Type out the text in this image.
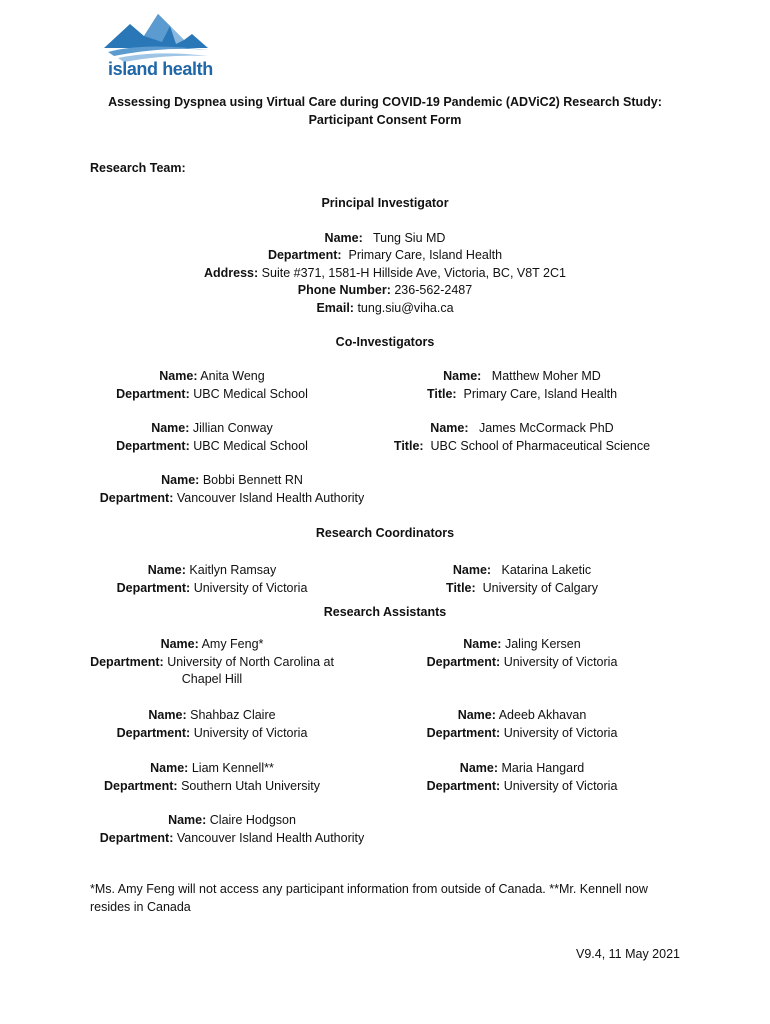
island health
Assessing Dyspnea using Virtual Care during COVID-19 Pandemic (ADViC2) Research Study:
Participant Consent Form
Research Team:
Principal Investigator
Name: Tung Siu MD
Department: Primary Care, Island Health
Address: Suite #371, 1581-H Hillside Ave, Victoria, BC, V8T 2C1
Phone Number: 236-562-2487
Email: tung.siu@viha.ca
Co-Investigators
Name: Anita Weng
Department: UBC Medical School
Name: Matthew Moher MD
Title: Primary Care, Island Health
Name: Jillian Conway
Department: UBC Medical School
Name: James McCormack PhD
Title: UBC School of Pharmaceutical Science
Name: Bobbi Bennett RN
Department: Vancouver Island Health Authority
Research Coordinators
Name: Kaitlyn Ramsay
Department: University of Victoria
Name: Katarina Laketic
Title: University of Calgary
Research Assistants
Name: Amy Feng*
Department: University of North Carolina at
Chapel Hill
Name: Jaling Kersen
Department: University of Victoria
Name: Shahbaz Claire
Department: University of Victoria
Name: Adeeb Akhavan
Department: University of Victoria
Name: Liam Kennell**
Department: Southern Utah University
Name: Maria Hangard
Department: University of Victoria
Name: Claire Hodgson
Department: Vancouver Island Health Authority
*Ms. Amy Feng will not access any participant information from outside of Canada. **Mr. Kennell now
resides in Canada
V9.4, 11 May 2021
